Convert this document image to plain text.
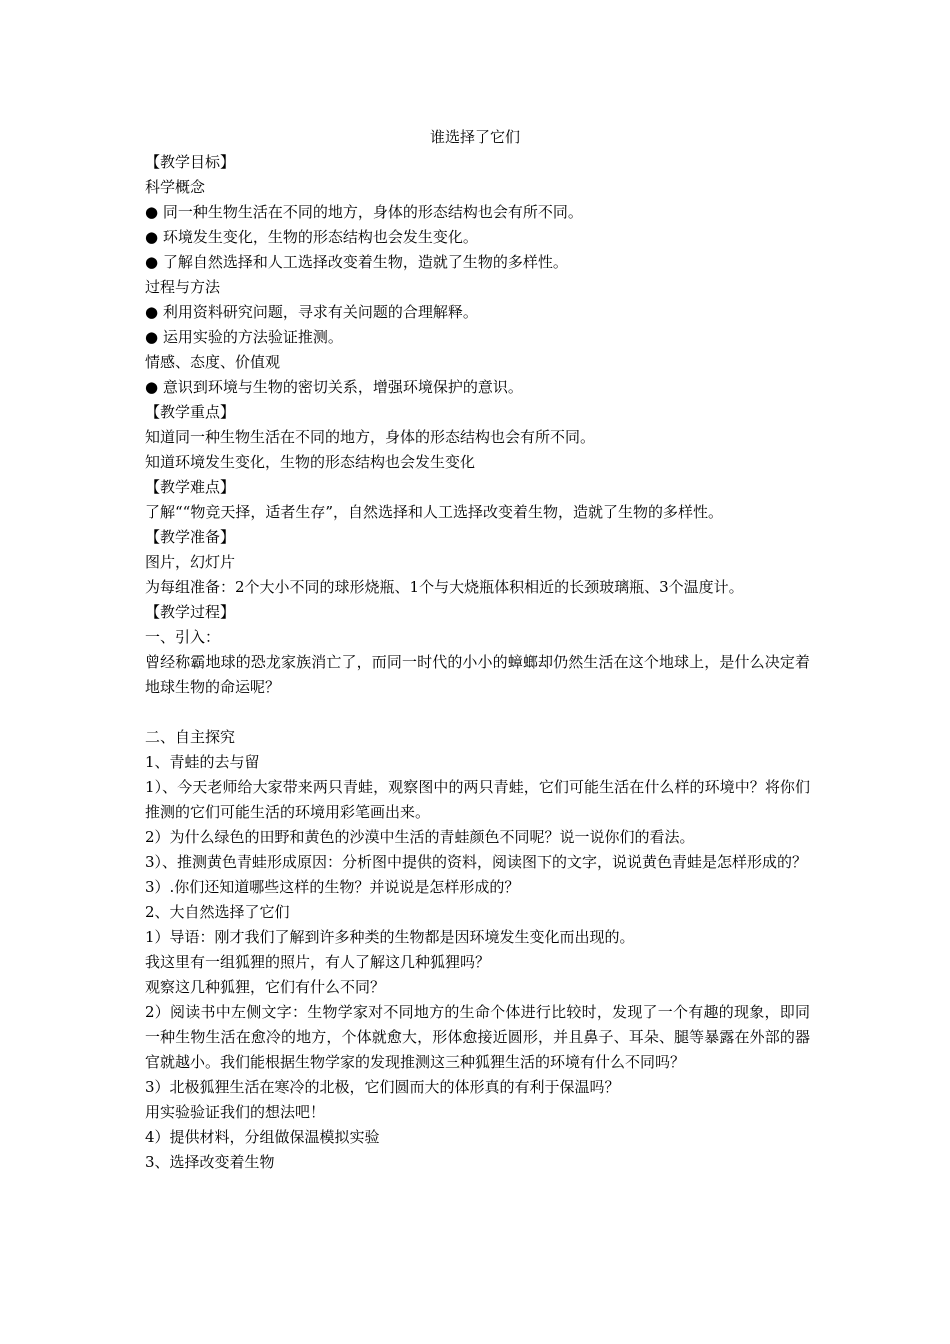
谁选择了它们
【教学目标】
科学概念
● 同一种生物生活在不同的地方，身体的形态结构也会有所不同。
● 环境发生变化，生物的形态结构也会发生变化。
● 了解自然选择和人工选择改变着生物，造就了生物的多样性。
过程与方法
● 利用资料研究问题，寻求有关问题的合理解释。
● 运用实验的方法验证推测。
情感、态度、价值观
● 意识到环境与生物的密切关系，增强环境保护的意识。
【教学重点】
知道同一种生物生活在不同的地方，身体的形态结构也会有所不同。
知道环境发生变化，生物的形态结构也会发生变化
【教学难点】
了解““物竞天择，适者生存”，自然选择和人工选择改变着生物，造就了生物的多样性。
【教学准备】
图片，幻灯片
为每组准备：2个大小不同的球形烧瓶、1个与大烧瓶体积相近的长颈玻璃瓶、3个温度计。
【教学过程】
一、引入：
曾经称霸地球的恐龙家族消亡了，而同一时代的小小的蟑螂却仍然生活在这个地球上，是什么决定着地球生物的命运呢？
二、自主探究
1、青蛙的去与留
1）、今天老师给大家带来两只青蛙，观察图中的两只青蛙，它们可能生活在什么样的环境中？将你们推测的它们可能生活的环境用彩笔画出来。
2）为什么绿色的田野和黄色的沙漠中生活的青蛙颜色不同呢？说一说你们的看法。
3）、推测黄色青蛙形成原因：分析图中提供的资料，阅读图下的文字，说说黄色青蛙是怎样形成的？
3）.你们还知道哪些这样的生物？并说说是怎样形成的？
2、大自然选择了它们
1）导语：刚才我们了解到许多种类的生物都是因环境发生变化而出现的。
我这里有一组狐狸的照片，有人了解这几种狐狸吗？
观察这几种狐狸，它们有什么不同？
2）阅读书中左侧文字：生物学家对不同地方的生命个体进行比较时，发现了一个有趣的现象，即同一种生物生活在愈冷的地方，个体就愈大，形体愈接近圆形，并且鼻子、耳朵、腿等暴露在外部的器官就越小。我们能根据生物学家的发现推测这三种狐狸生活的环境有什么不同吗？
3）北极狐狸生活在寒冷的北极，它们圆而大的体形真的有利于保温吗？
用实验验证我们的想法吧！
4）提供材料，分组做保温模拟实验
3、选择改变着生物
